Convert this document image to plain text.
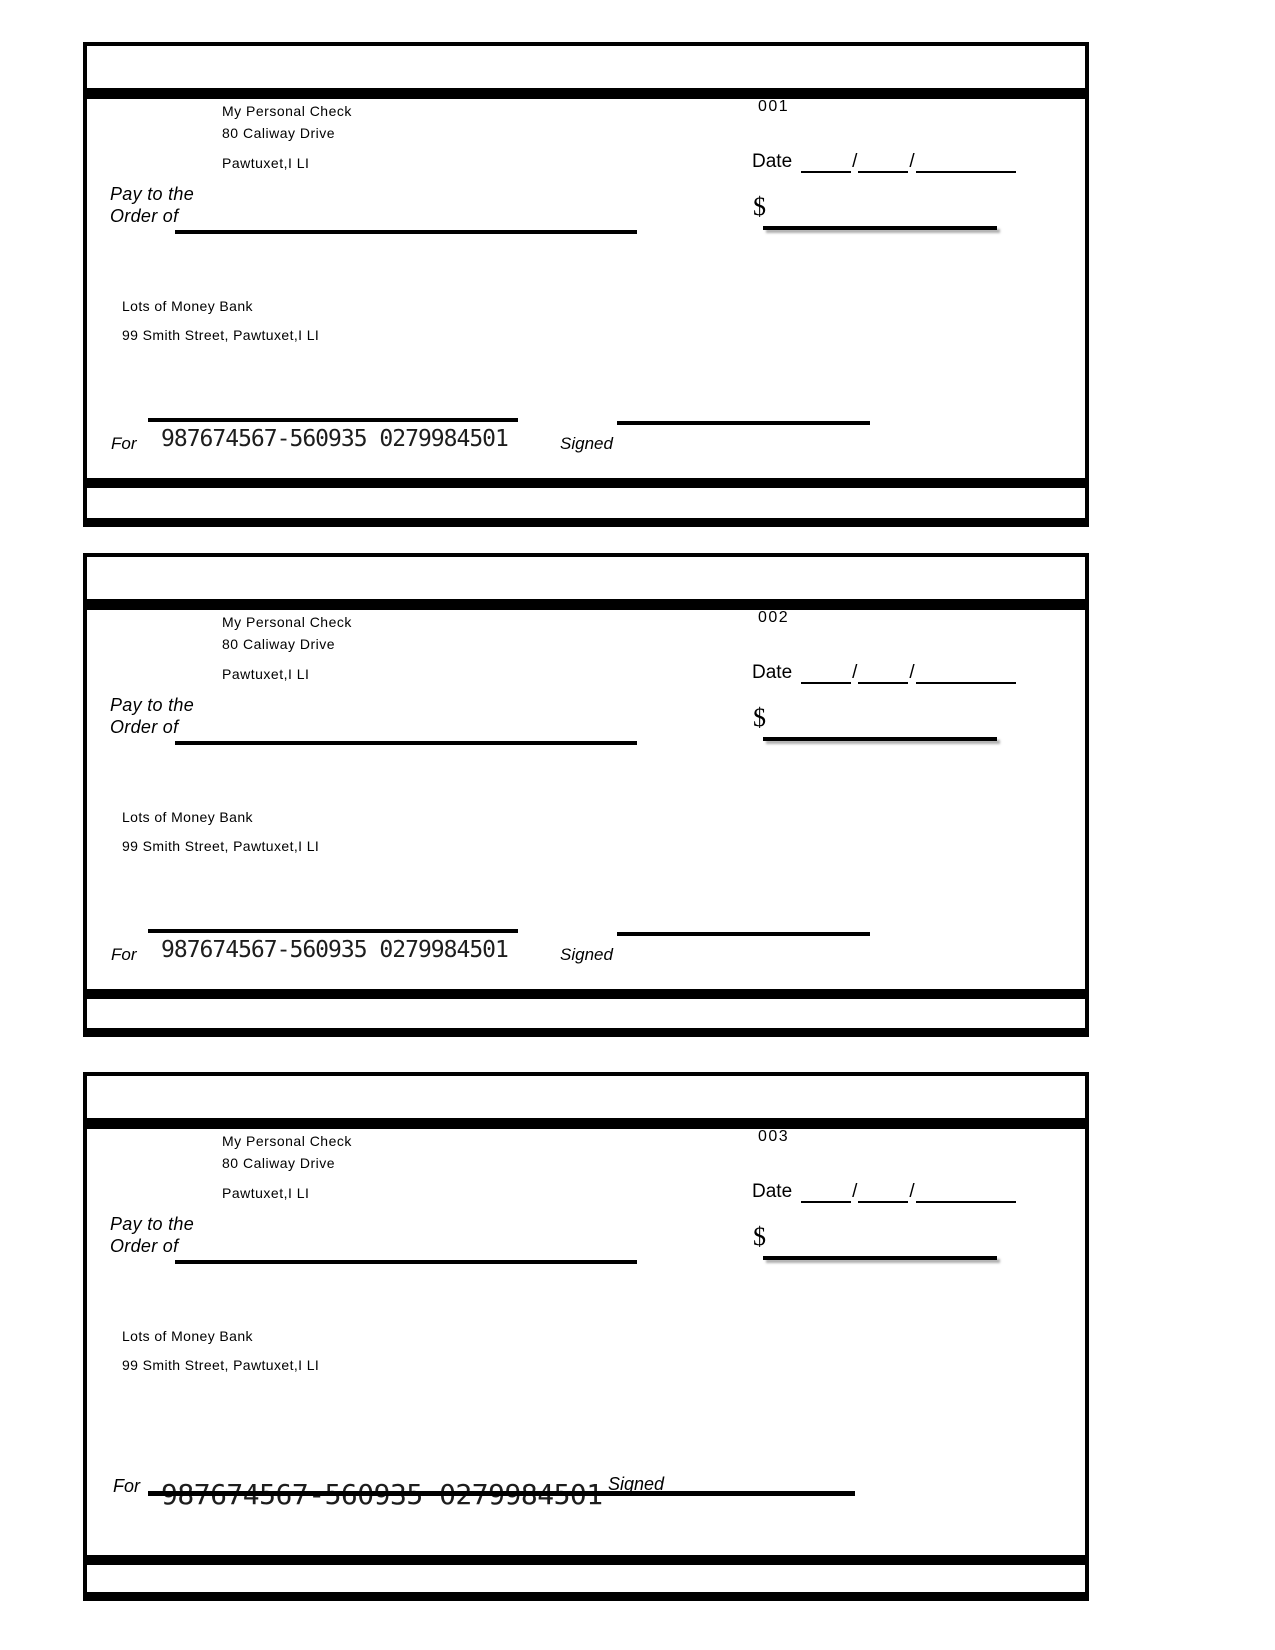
My Personal Check
80 Caliway Drive
Pawtuxet,I LI
001
Date	/	/
Pay to the
Order of	$
Lots of Money Bank
99 Smith Street, Pawtuxet,I LI
For 987674567-560935 0279984501	Signed
My Personal Check
80 Caliway Drive
Pawtuxet,I LI
002
Date	/	/
Pay to the
Order of	$
Lots of Money Bank
99 Smith Street, Pawtuxet,I LI
For 987674567-560935 0279984501	Signed
My Personal Check
80 Caliway Drive
Pawtuxet,I LI
003
Date	/	/
Pay to the
Order of	$
Lots of Money Bank
99 Smith Street, Pawtuxet,I LI
For	Signed
